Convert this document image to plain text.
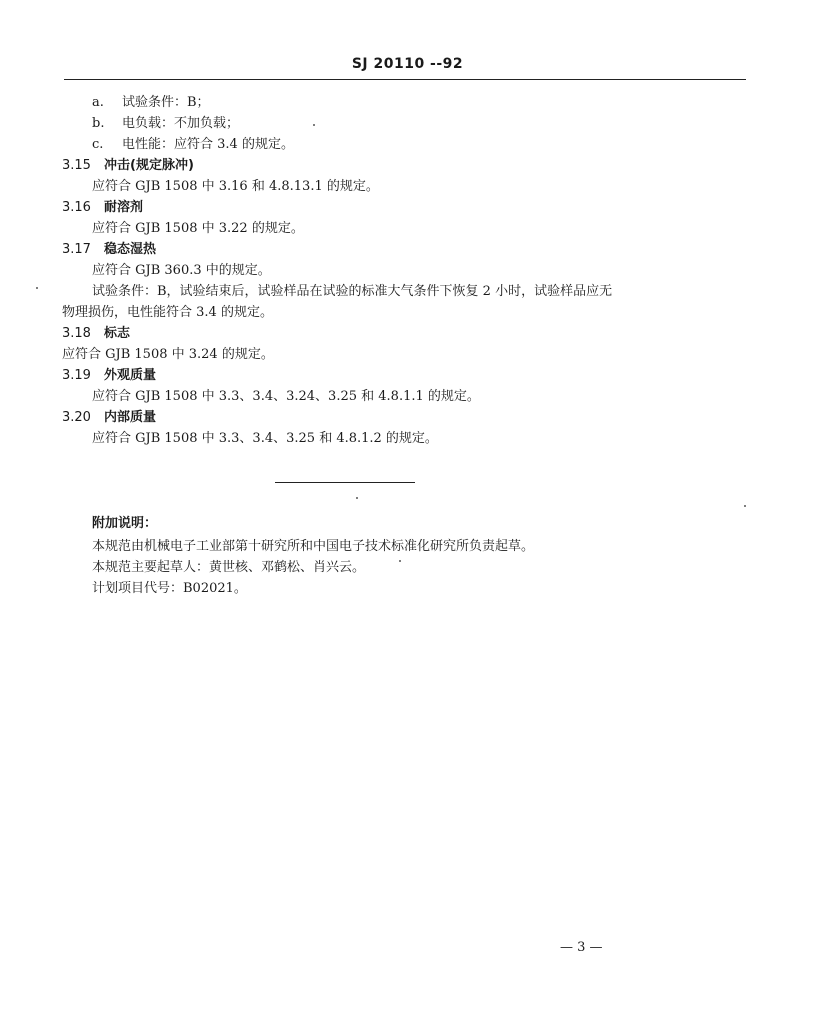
SJ 20110 --92
a. 试验条件：B；
b. 电负载：不加负载；
c. 电性能：应符合 3.4 的规定。
3.15 冲击(规定脉冲)
应符合 GJB 1508 中 3.16 和 4.8.13.1 的规定。
3.16 耐溶剂
应符合 GJB 1508 中 3.22 的规定。
3.17 稳态湿热
应符合 GJB 360.3 中的规定。
试验条件：B，试验结束后，试验样品在试验的标准大气条件下恢复 2 小时，试验样品应无
物理损伤，电性能符合 3.4 的规定。
3.18 标志
应符合 GJB 1508 中 3.24 的规定。
3.19 外观质量
应符合 GJB 1508 中 3.3、3.4、3.24、3.25 和 4.8.1.1 的规定。
3.20 内部质量
应符合 GJB 1508 中 3.3、3.4、3.25 和 4.8.1.2 的规定。
附加说明：
本规范由机械电子工业部第十研究所和中国电子技术标准化研究所负责起草。
本规范主要起草人：黄世核、邓鹤松、肖兴云。
计划项目代号：B02021。
— 3 —
